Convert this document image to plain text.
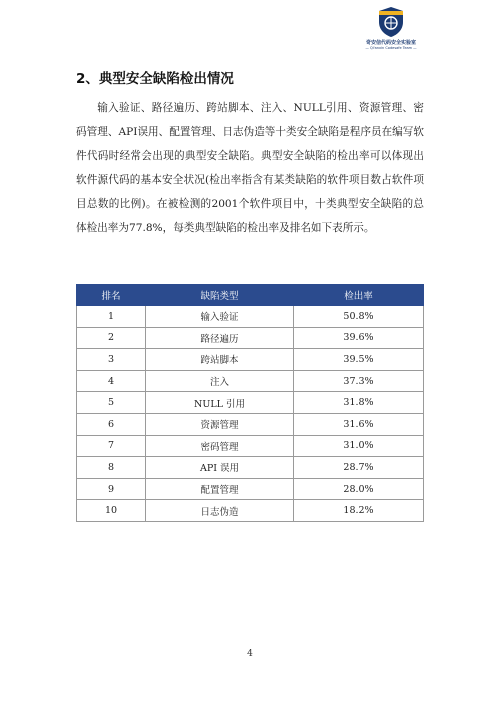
奇安信代码安全实验室
— Qi'anxin Codesafe Team —
2、典型安全缺陷检出情况

输入验证、路径遍历、跨站脚本、注入、NULL引用、资源管理、密码管理、API误用、配置管理、日志伪造等十类安全缺陷是程序员在编写软件代码时经常会出现的典型安全缺陷。典型安全缺陷的检出率可以体现出软件源代码的基本安全状况(检出率指含有某类缺陷的软件项目数占软件项目总数的比例)。在被检测的2001个软件项目中，十类典型安全缺陷的总体检出率为77.8%，每类典型缺陷的检出率及排名如下表所示。

排名	缺陷类型	检出率
1	输入验证	50.8%
2	路径遍历	39.6%
3	跨站脚本	39.5%
4	注入	37.3%
5	NULL 引用	31.8%
6	资源管理	31.6%
7	密码管理	31.0%
8	API 误用	28.7%
9	配置管理	28.0%
10	日志伪造	18.2%
4
